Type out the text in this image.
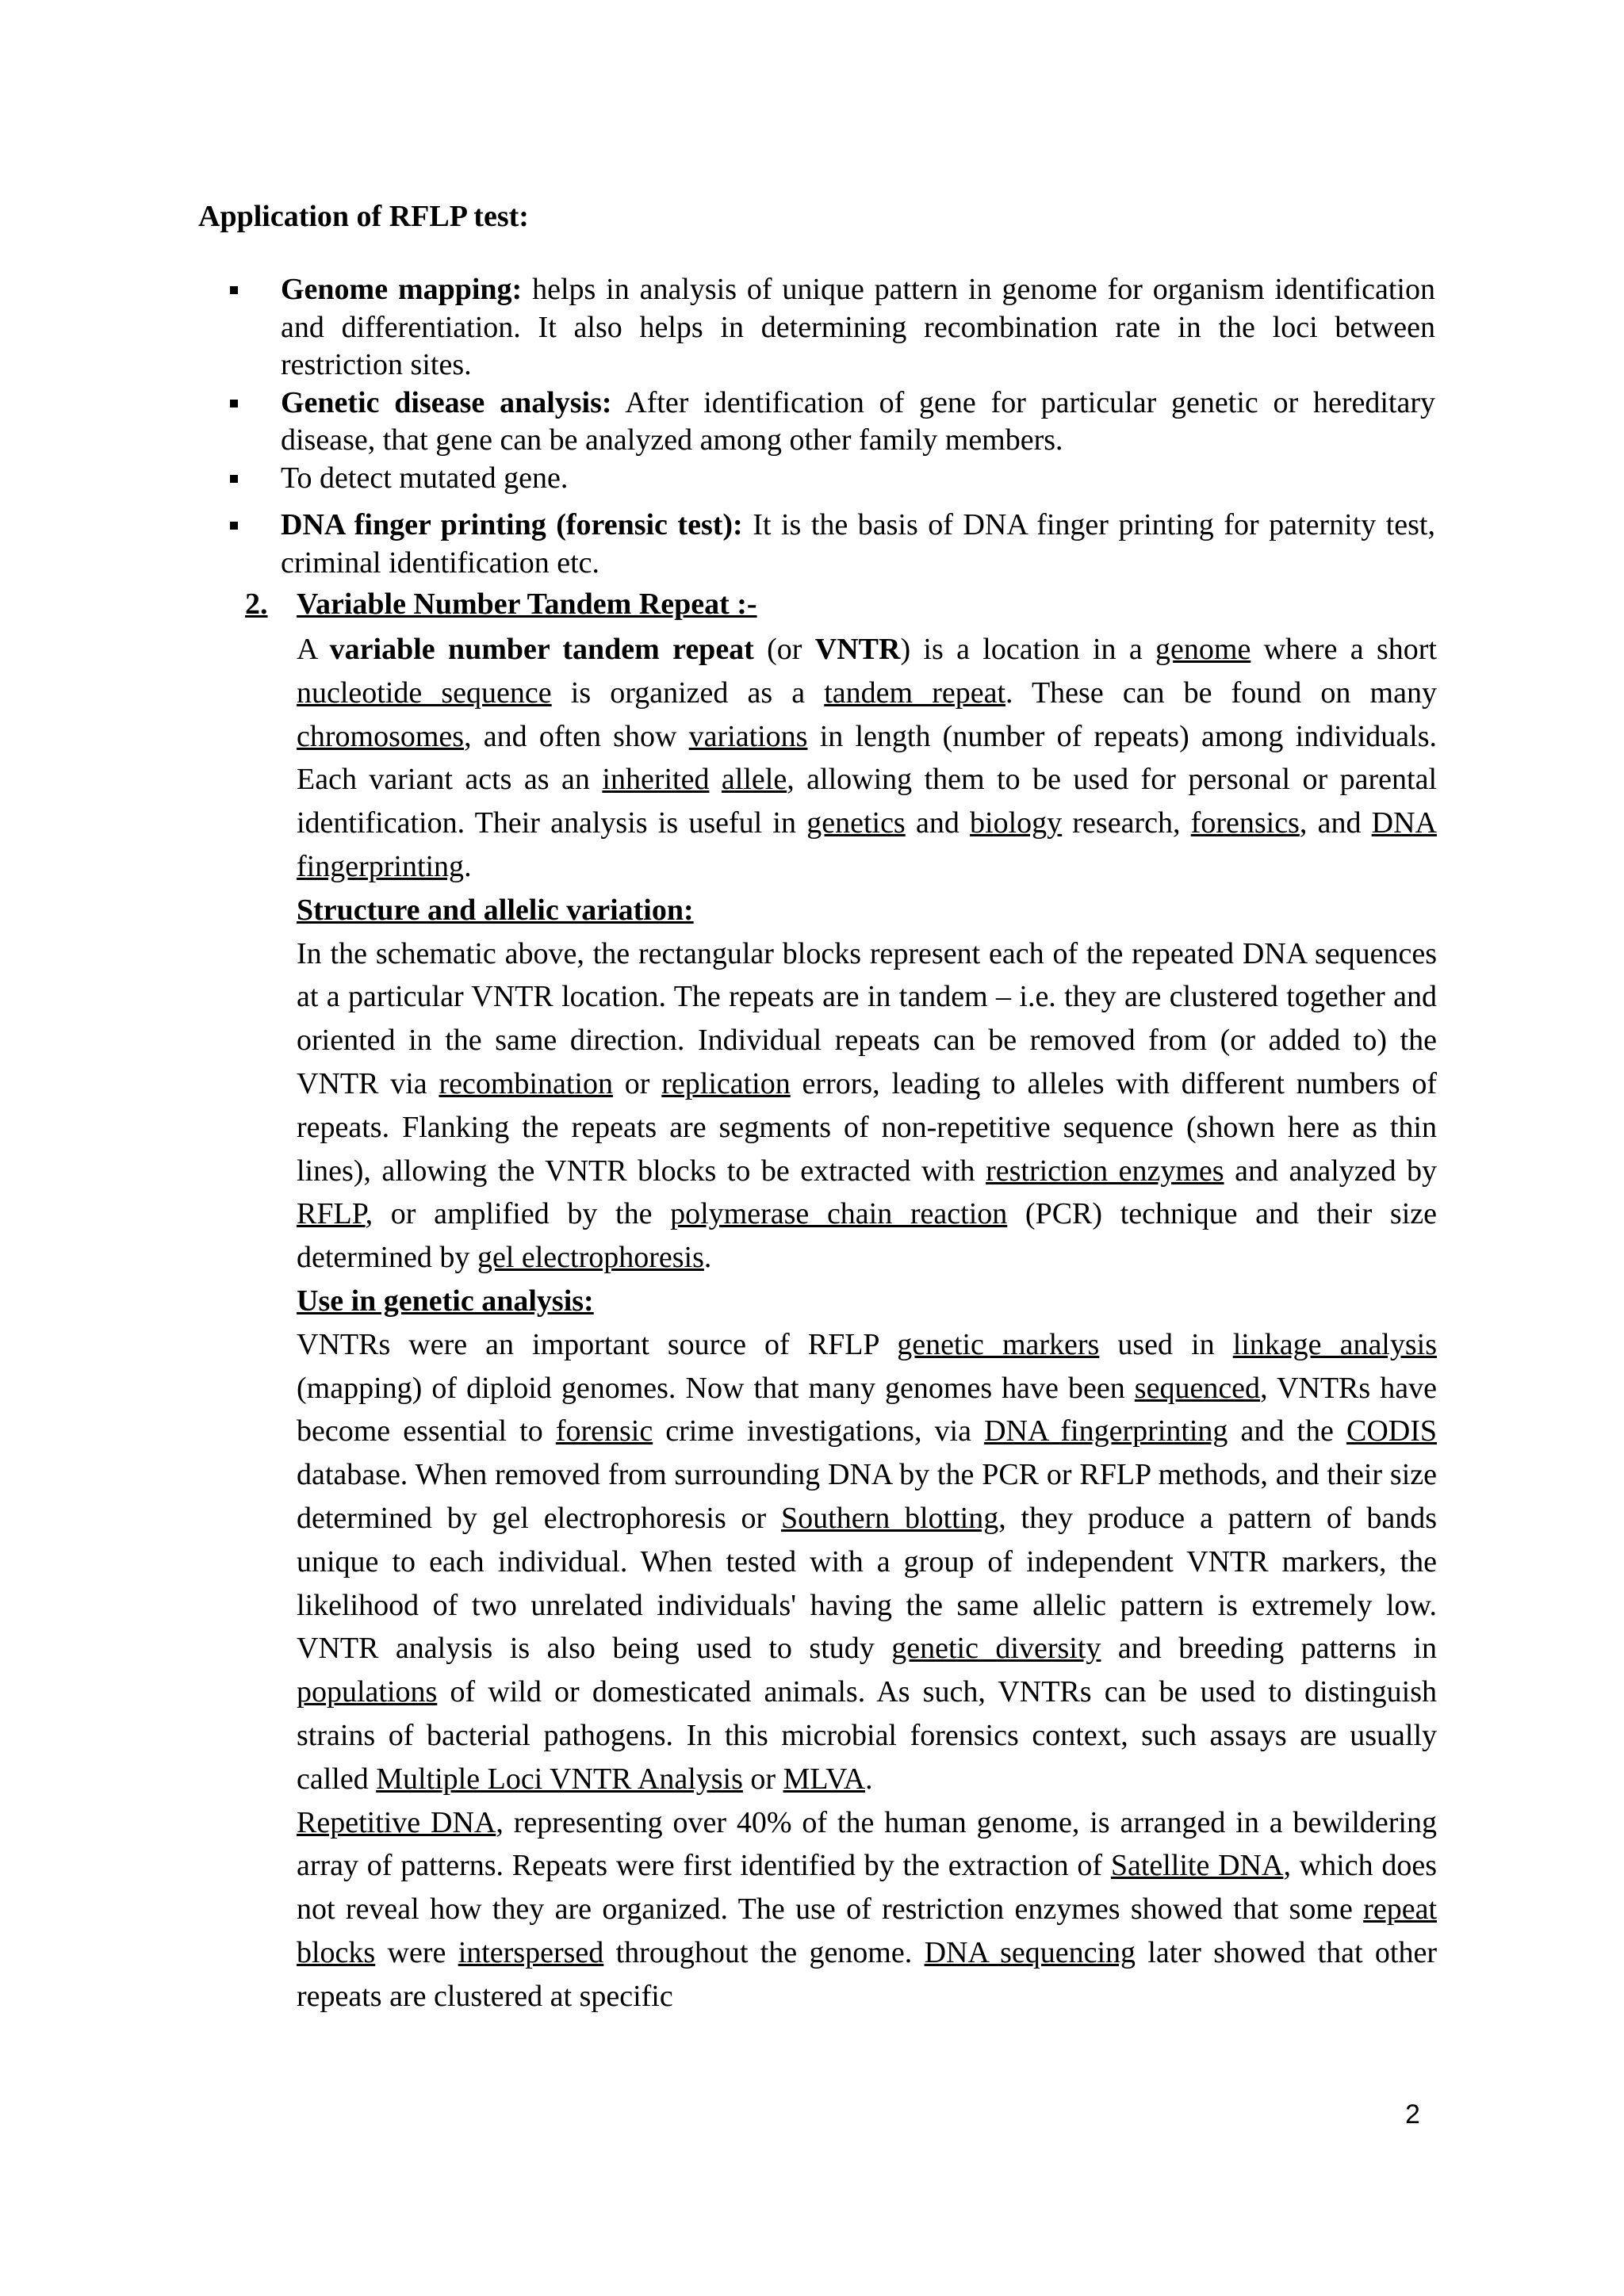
Application of RFLP test:
Genome mapping: helps in analysis of unique pattern in genome for organism identification and differentiation. It also helps in determining recombination rate in the loci between restriction sites.
Genetic disease analysis: After identification of gene for particular genetic or hereditary disease, that gene can be analyzed among other family members.
To detect mutated gene.
DNA finger printing (forensic test): It is the basis of DNA finger printing for paternity test, criminal identification etc.
2. Variable Number Tandem Repeat :-

A variable number tandem repeat (or VNTR) is a location in a genome where a short nucleotide sequence is organized as a tandem repeat. These can be found on many chromosomes, and often show variations in length (number of repeats) among individuals. Each variant acts as an inherited allele, allowing them to be used for personal or parental identification. Their analysis is useful in genetics and biology research, forensics, and DNA fingerprinting.

Structure and allelic variation:

In the schematic above, the rectangular blocks represent each of the repeated DNA sequences at a particular VNTR location. The repeats are in tandem – i.e. they are clustered together and oriented in the same direction. Individual repeats can be removed from (or added to) the VNTR via recombination or replication errors, leading to alleles with different numbers of repeats. Flanking the repeats are segments of non-repetitive sequence (shown here as thin lines), allowing the VNTR blocks to be extracted with restriction enzymes and analyzed by RFLP, or amplified by the polymerase chain reaction (PCR) technique and their size determined by gel electrophoresis.

Use in genetic analysis:

VNTRs were an important source of RFLP genetic markers used in linkage analysis (mapping) of diploid genomes. Now that many genomes have been sequenced, VNTRs have become essential to forensic crime investigations, via DNA fingerprinting and the CODIS database. When removed from surrounding DNA by the PCR or RFLP methods, and their size determined by gel electrophoresis or Southern blotting, they produce a pattern of bands unique to each individual. When tested with a group of independent VNTR markers, the likelihood of two unrelated individuals' having the same allelic pattern is extremely low. VNTR analysis is also being used to study genetic diversity and breeding patterns in populations of wild or domesticated animals. As such, VNTRs can be used to distinguish strains of bacterial pathogens. In this microbial forensics context, such assays are usually called Multiple Loci VNTR Analysis or MLVA.

Repetitive DNA, representing over 40% of the human genome, is arranged in a bewildering array of patterns. Repeats were first identified by the extraction of Satellite DNA, which does not reveal how they are organized. The use of restriction enzymes showed that some repeat blocks were interspersed throughout the genome. DNA sequencing later showed that other repeats are clustered at specific

2
